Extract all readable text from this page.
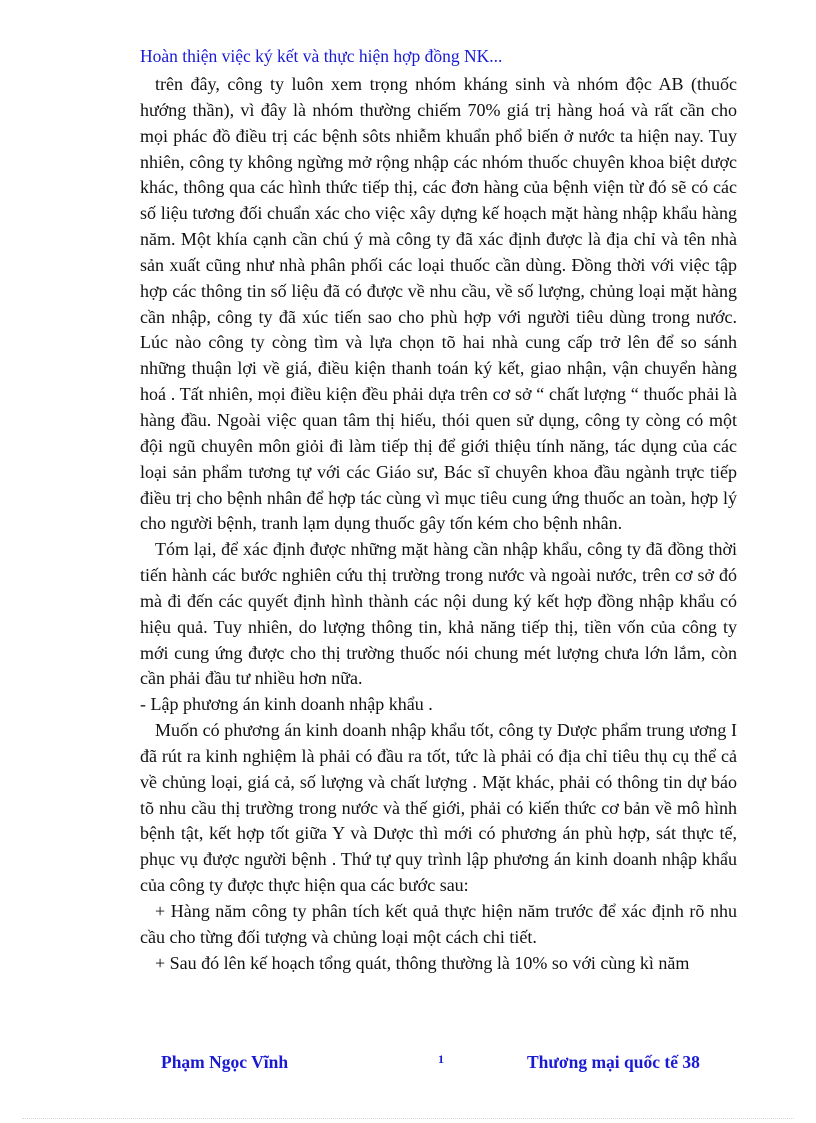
Hoàn thiện việc ký kết và thực hiện hợp đồng NK...

trên đây, công ty luôn xem trọng nhóm kháng sinh và nhóm độc AB (thuốc hướng thần), vì đây là nhóm thường chiếm 70% giá trị hàng hoá và rất cần cho mọi phác đồ điều trị các bệnh sôts nhiễm khuẩn phổ biến ở nước ta hiện nay. Tuy nhiên, công ty không ngừng mở rộng nhập các nhóm thuốc chuyên khoa biệt dược khác, thông qua các hình thức tiếp thị, các đơn hàng của bệnh viện từ đó sẽ có các số liệu tương đối chuẩn xác cho việc xây dựng kế hoạch mặt hàng nhập khẩu hàng năm. Một khía cạnh cần chú ý mà công ty đã xác định được là địa chỉ và tên nhà sản xuất cũng như nhà phân phối các loại thuốc cần dùng. Đồng thời với việc tập hợp các thông tin số liệu đã có được về nhu cầu, về số lượng, chủng loại mặt hàng cần nhập, công ty đã xúc tiến sao cho phù hợp với người tiêu dùng trong nước. Lúc nào công ty còng tìm và lựa chọn tõ hai nhà cung cấp trở lên để so sánh những thuận lợi về giá, điều kiện thanh toán ký kết, giao nhận, vận chuyển hàng hoá . Tất nhiên, mọi điều kiện đều phải dựa trên cơ sở “ chất lượng “ thuốc phải là hàng đầu. Ngoài việc quan tâm thị hiếu, thói quen sử dụng, công ty còng có một đội ngũ chuyên môn giỏi đi làm tiếp thị để giới thiệu tính năng, tác dụng của các loại sản phẩm tương tự với các Giáo sư, Bác sĩ chuyên khoa đầu ngành trực tiếp điều trị cho bệnh nhân để hợp tác cùng vì mục tiêu cung ứng thuốc an toàn, hợp lý cho người bệnh, tranh lạm dụng thuốc gây tốn kém cho bệnh nhân.

Tóm lại, để xác định được những mặt hàng cần nhập khẩu, công ty đã đồng thời tiến hành các bước nghiên cứu thị trường trong nước và ngoài nước, trên cơ sở đó mà đi đến các quyết định hình thành các nội dung ký kết hợp đồng nhập khẩu có hiệu quả. Tuy nhiên, do lượng thông tin, khả năng tiếp thị, tiền vốn của công ty mới cung ứng được cho thị trường thuốc nói chung mét lượng chưa lớn lắm, còn cần phải đầu tư nhiều hơn nữa.

- Lập phương án kinh doanh nhập khẩu .

Muốn có phương án kinh doanh nhập khẩu tốt, công ty Dược phẩm trung ương I đã rút ra kinh nghiệm là phải có đầu ra tốt, tức là phải có địa chỉ tiêu thụ cụ thể cả về chủng loại, giá cả, số lượng và chất lượng . Mặt khác, phải có thông tin dự báo tõ nhu cầu thị trường trong nước và thế giới, phải có kiến thức cơ bản về mô hình bệnh tật, kết hợp tốt giữa Y và Dược thì mới có phương án phù hợp, sát thực tế, phục vụ được người bệnh . Thứ tự quy trình lập phương án kinh doanh nhập khẩu của công ty được thực hiện qua các bước sau:

+ Hàng năm công ty phân tích kết quả thực hiện năm trước để xác định rõ nhu cầu cho từng đối tượng và chủng loại một cách chi tiết.

+ Sau đó lên kế hoạch tổng quát, thông thường là 10% so với cùng kì năm

Phạm Ngọc Vĩnh	1	Thương mại quốc tế 38
